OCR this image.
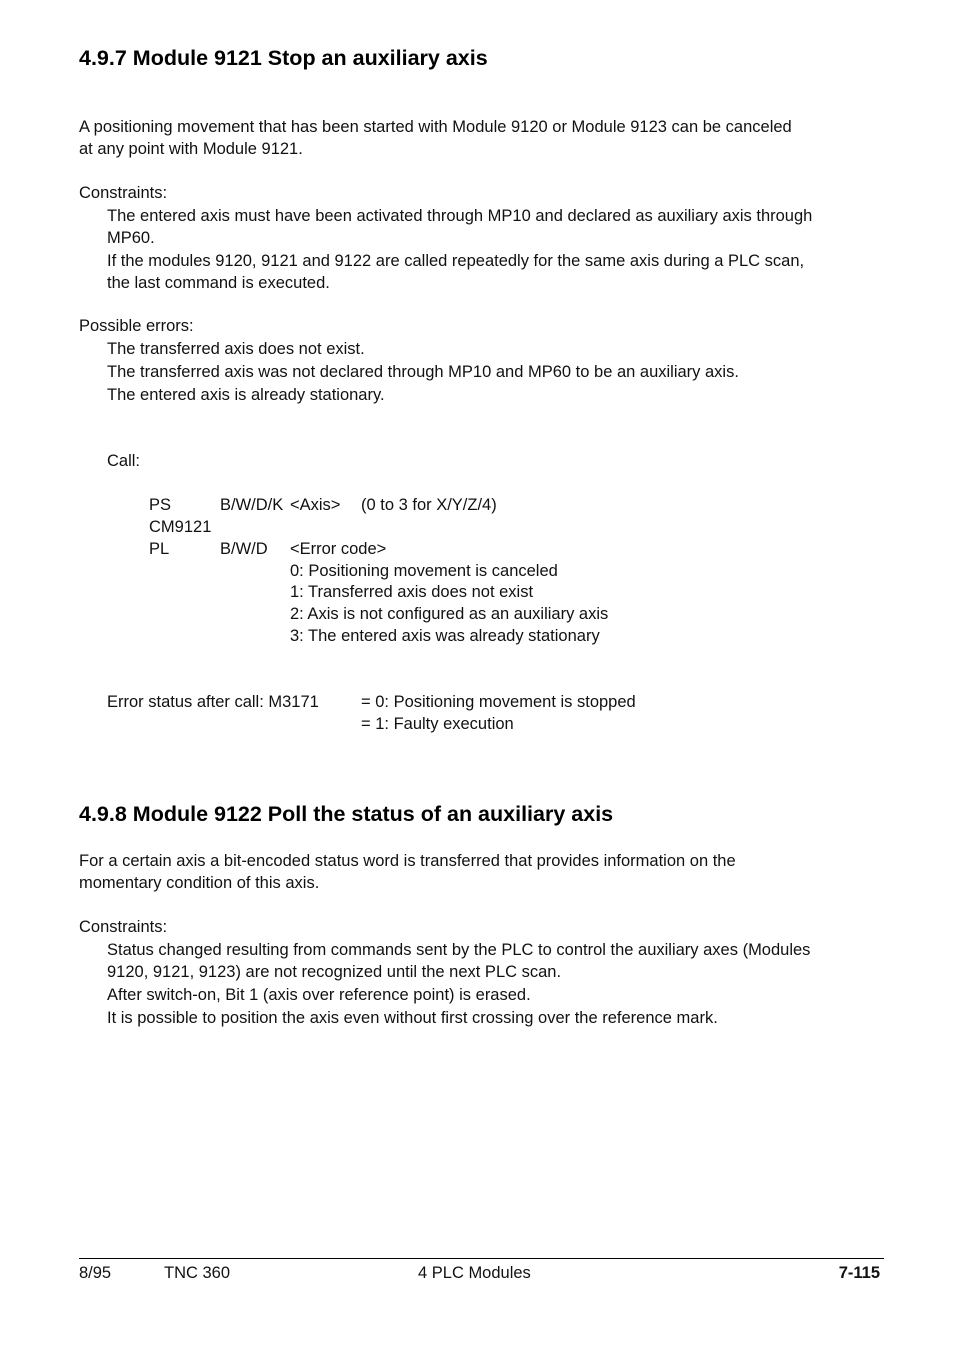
4.9.7 Module 9121 Stop an auxiliary axis
A positioning movement that has been started with Module 9120 or Module 9123 can be canceled
at any point with Module 9121.
Constraints:
The entered axis must have been activated through MP10 and declared as auxiliary axis through
MP60.
If the modules 9120, 9121 and 9122 are called repeatedly for the same axis during a PLC scan,
the last command is executed.
Possible errors:
The transferred axis does not exist.
The transferred axis was not declared through MP10 and MP60 to be an auxiliary axis.
The entered axis is already stationary.
Call:
PS	B/W/D/K <Axis> (0 to 3 for X/Y/Z/4)
CM9121
PL	B/W/D <Error code>
0: Positioning movement is canceled
1: Transferred axis does not exist
2: Axis is not configured as an auxiliary axis
3: The entered axis was already stationary
Error status after call: M3171	= 0: Positioning movement is stopped
= 1: Faulty execution
4.9.8 Module 9122 Poll the status of an auxiliary axis
For a certain axis a bit-encoded status word is transferred that provides information on the
momentary condition of this axis.
Constraints:
Status changed resulting from commands sent by the PLC to control the auxiliary axes (Modules
9120, 9121, 9123) are not recognized until the next PLC scan.
After switch-on, Bit 1 (axis over reference point) is erased.
It is possible to position the axis even without first crossing over the reference mark.
8/95	TNC 360	4 PLC Modules	7-115
